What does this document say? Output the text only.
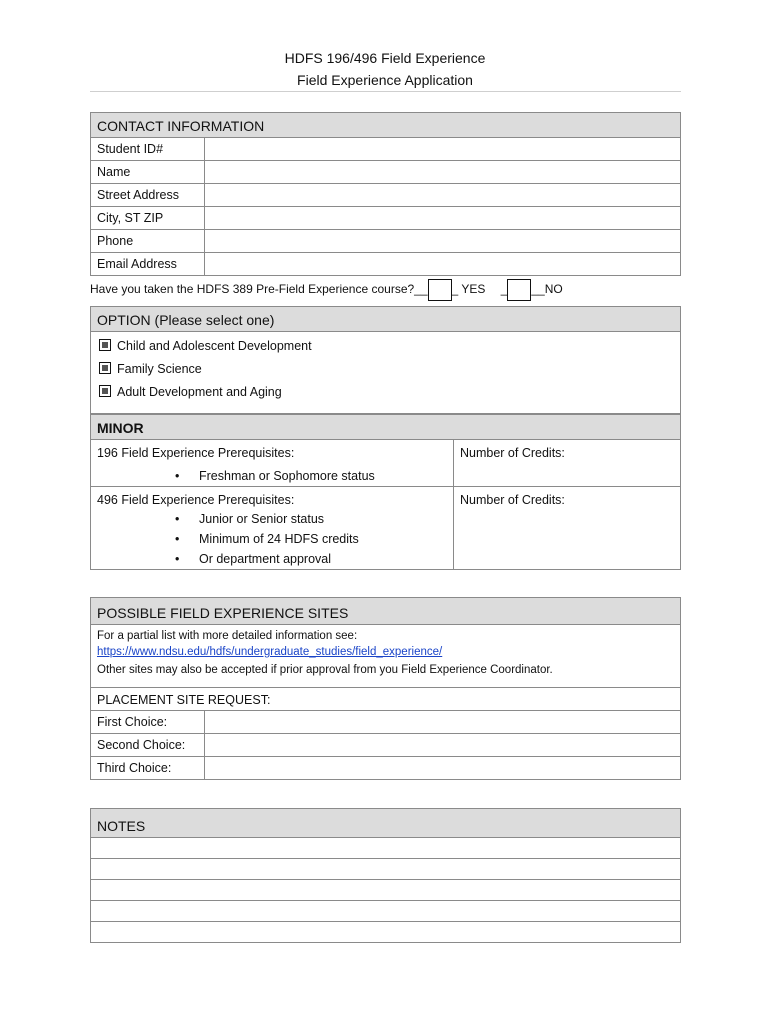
HDFS 196/496 Field Experience
Field Experience Application
CONTACT INFORMATION
Student ID#
Name
Street Address
City, ST ZIP
Phone
Email Address
Have you taken the HDFS 389 Pre-Field Experience course?__ _ YES _ __NO
OPTION (Please select one)
Child and Adolescent Development
Family Science
Adult Development and Aging
MINOR
196 Field Experience Prerequisites:
• Freshman or Sophomore status
Number of Credits:
496 Field Experience Prerequisites:
• Junior or Senior status
• Minimum of 24 HDFS credits
• Or department approval
Number of Credits:
POSSIBLE FIELD EXPERIENCE SITES
For a partial list with more detailed information see:
https://www.ndsu.edu/hdfs/undergraduate_studies/field_experience/
Other sites may also be accepted if prior approval from you Field Experience Coordinator.
PLACEMENT SITE REQUEST:
First Choice:
Second Choice:
Third Choice:
NOTES
